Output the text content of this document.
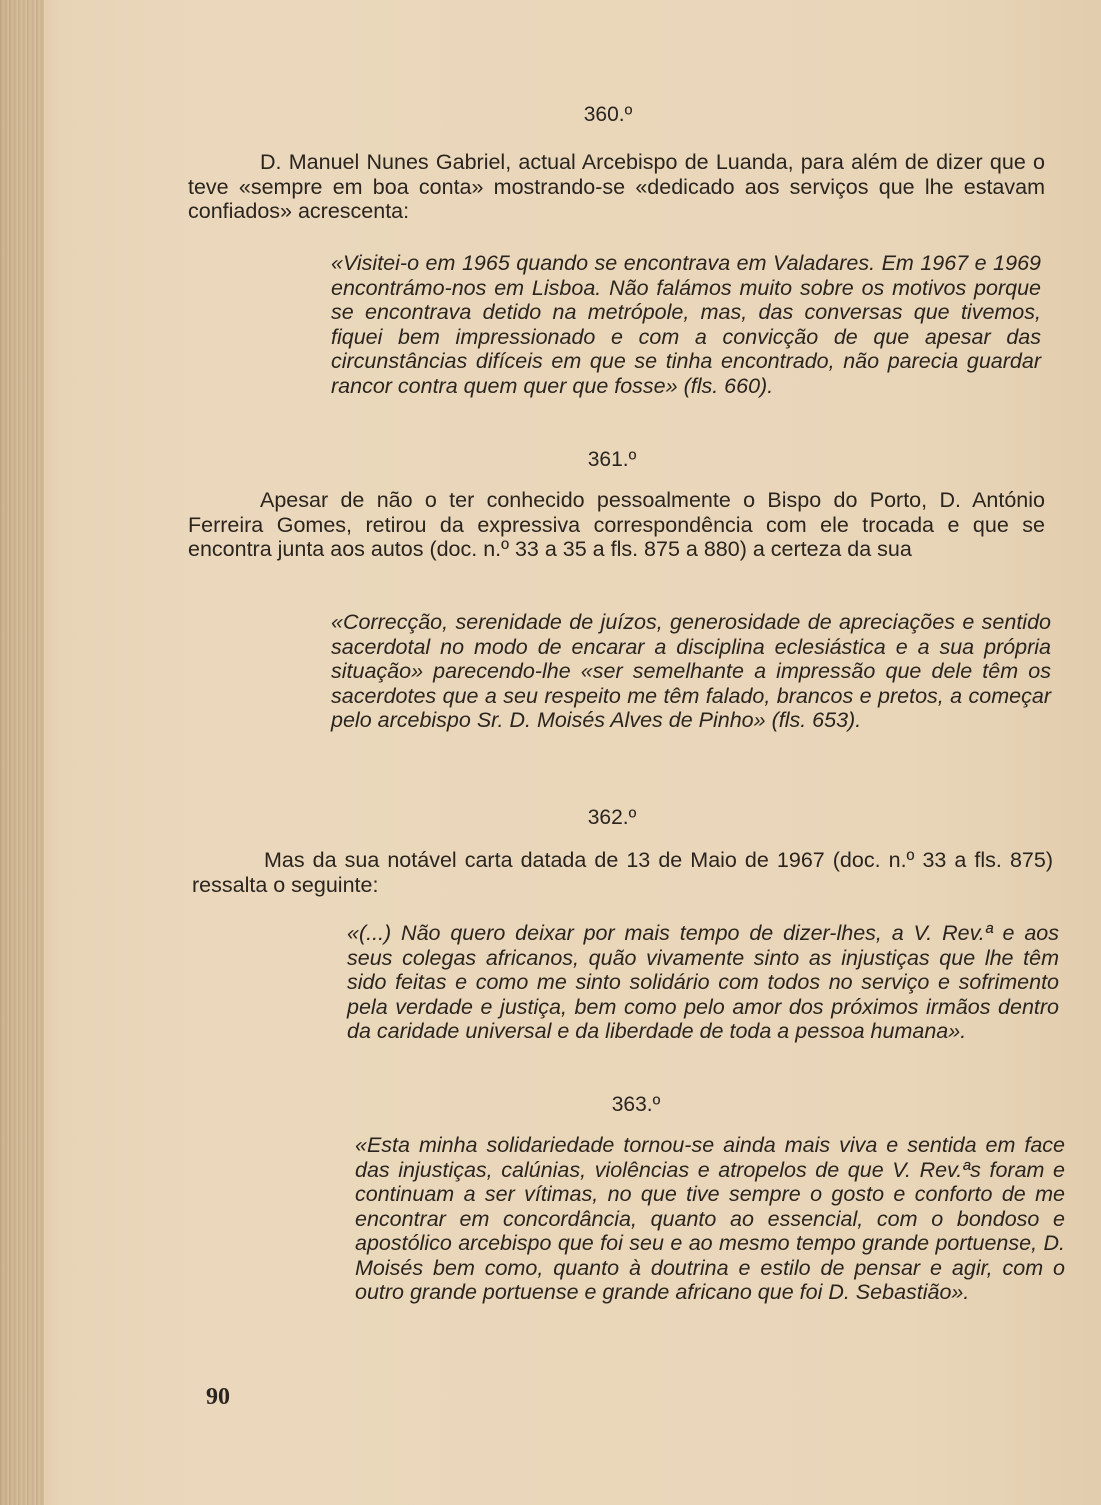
360.º

D. Manuel Nunes Gabriel, actual Arcebispo de Luanda, para além de dizer que o teve «sempre em boa conta» mostrando-se «dedicado aos serviços que lhe estavam confiados» acrescenta:

«Visitei-o em 1965 quando se encontrava em Valadares. Em 1967 e 1969 encontrámo-nos em Lisboa. Não falámos muito sobre os motivos porque se encontrava detido na metrópole, mas, das conversas que tivemos, fiquei bem impressionado e com a convicção de que apesar das circunstâncias difíceis em que se tinha encontrado, não parecia guardar rancor contra quem quer que fosse» (fls. 660).

361.º

Apesar de não o ter conhecido pessoalmente o Bispo do Porto, D. António Ferreira Gomes, retirou da expressiva correspondência com ele trocada e que se encontra junta aos autos (doc. n.º 33 a 35 a fls. 875 a 880) a certeza da sua

«Correcção, serenidade de juízos, generosidade de apreciações e sentido sacerdotal no modo de encarar a disciplina eclesiástica e a sua própria situação» parecendo-lhe «ser semelhante a impressão que dele têm os sacerdotes que a seu respeito me têm falado, brancos e pretos, a começar pelo arcebispo Sr. D. Moisés Alves de Pinho» (fls. 653).

362.º

Mas da sua notável carta datada de 13 de Maio de 1967 (doc. n.º 33 a fls. 875) ressalta o seguinte:

«(...) Não quero deixar por mais tempo de dizer-lhes, a V. Rev.ª e aos seus colegas africanos, quão vivamente sinto as injustiças que lhe têm sido feitas e como me sinto solidário com todos no serviço e sofrimento pela verdade e justiça, bem como pelo amor dos próximos irmãos dentro da caridade universal e da liberdade de toda a pessoa humana».

363.º

«Esta minha solidariedade tornou-se ainda mais viva e sentida em face das injustiças, calúnias, violências e atropelos de que V. Rev.ªs foram e continuam a ser vítimas, no que tive sempre o gosto e conforto de me encontrar em concordância, quanto ao essencial, com o bondoso e apostólico arcebispo que foi seu e ao mesmo tempo grande portuense, D. Moisés bem como, quanto à doutrina e estilo de pensar e agir, com o outro grande portuense e grande africano que foi D. Sebastião».

90
